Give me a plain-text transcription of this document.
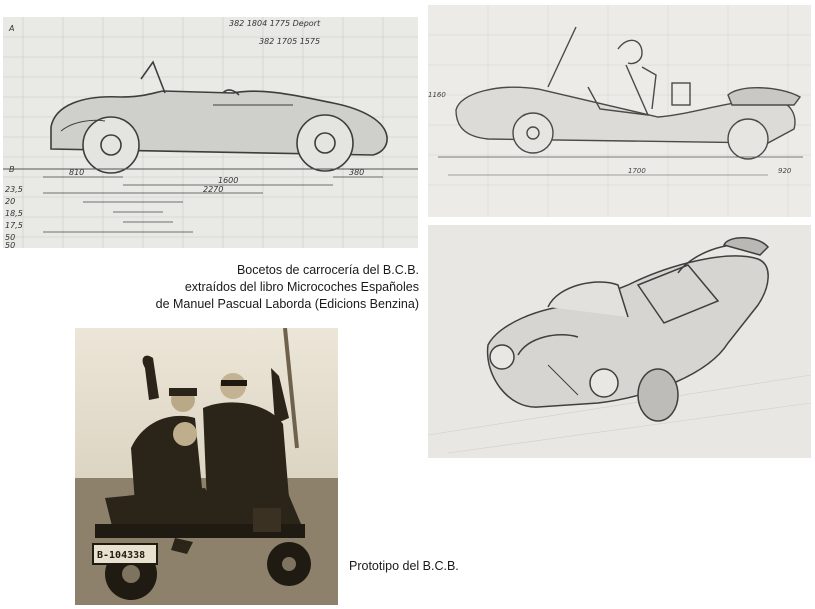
382 1804 1775 Deport
382 1705 1575
810
1600
2270
380
A
B
23,5
20
18,5
17,5
50
50
1160
1700	920
Bocetos de carrocería del B.C.B.
extraídos del libro Microcoches Españoles
de Manuel Pascual Laborda (Edicions Benzina)
B-104338
Prototipo del B.C.B.
